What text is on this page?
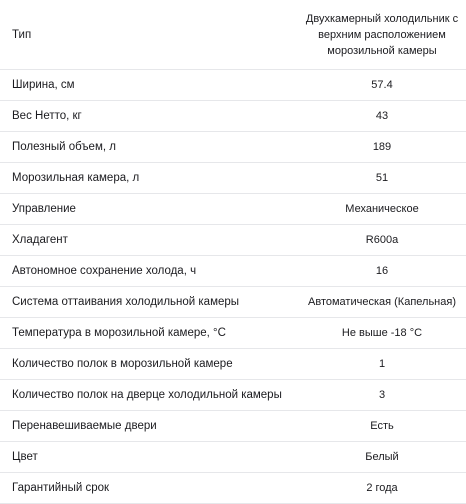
Тип	Двухкамерный холодильник с верхним расположением морозильной камеры
Ширина, см	57.4
Вес Нетто, кг	43
Полезный объем, л	189
Морозильная камера, л	51
Управление	Механическое
Хладагент	R600a
Автономное сохранение холода, ч	16
Система оттаивания холодильной камеры	Автоматическая (Капельная)
Температура в морозильной камере, °С	Не выше -18 °C
Количество полок в морозильной камере	1
Количество полок на дверце холодильной камеры	3
Перенавешиваемые двери	Есть
Цвет	Белый
Гарантийный срок	2 года
